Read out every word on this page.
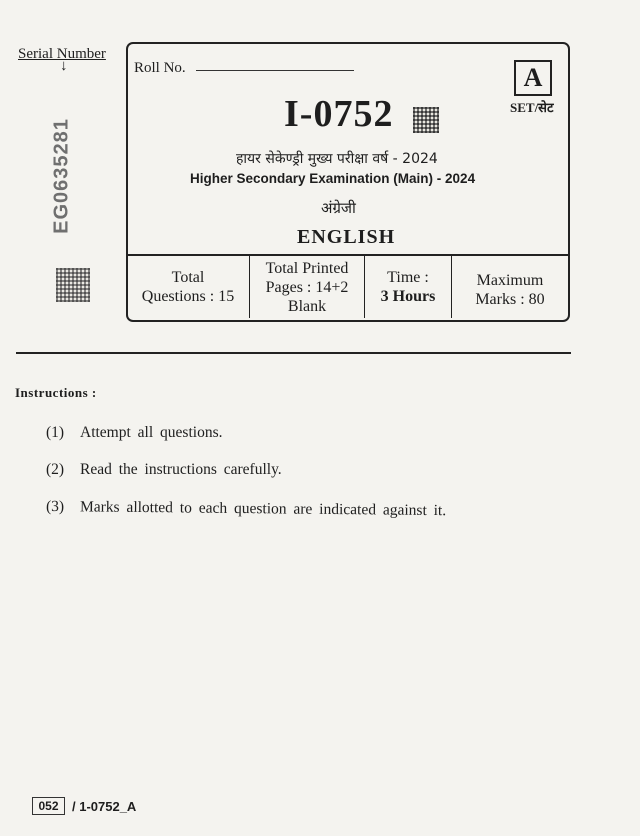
Serial Number
↓
EG0635281
Roll No.	A
SET/सेट
I-0752
हायर सेकेण्ड्री मुख्य परीक्षा वर्ष - 2024
Higher Secondary Examination (Main) - 2024
अंग्रेजी
ENGLISH
Total
Questions : 15
Total Printed
Pages : 14+2
Blank
Time :
3 Hours
Maximum
Marks : 80
Instructions :
(1) Attempt all questions.
(2) Read the instructions carefully.
(3) Marks allotted to each question are indicated against it.
052	/ 1-0752_A
